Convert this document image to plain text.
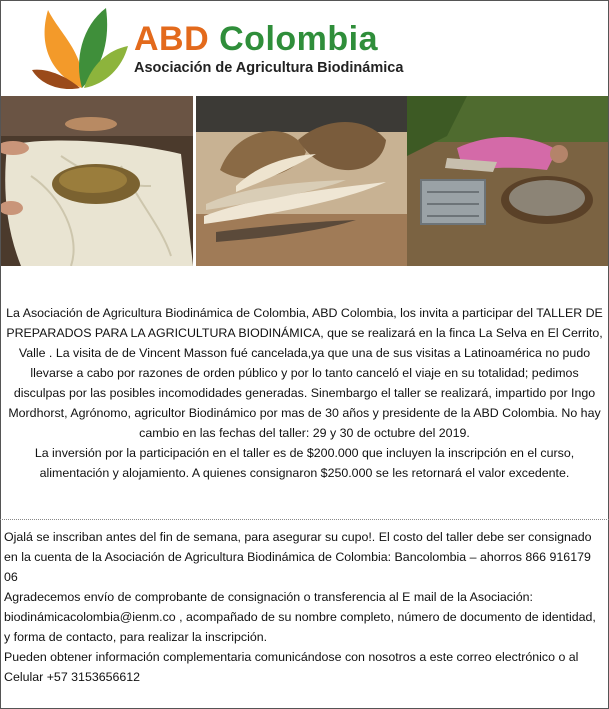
ABD Colombia
Asociación de Agricultura Biodinámica

La Asociación de Agricultura Biodinámica de Colombia, ABD Colombia, los invita a participar del TALLER DE PREPARADOS PARA LA AGRICULTURA BIODINÁMICA, que se realizará en la finca La Selva en El Cerrito, Valle . La visita de de Vincent Masson fué cancelada,ya que una de sus visitas a Latinoamérica no pudo llevarse a cabo por razones de orden público y por lo tanto canceló el viaje en su totalidad; pedimos disculpas por las posibles incomodidades generadas. Sinembargo el taller se realizará, impartido por Ingo Mordhorst, Agrónomo, agricultor Biodinámico por mas de 30 años y presidente de la ABD Colombia. No hay cambio en las fechas del taller: 29 y 30 de octubre del 2019.

La inversión por la participación en el taller es de $200.000 que incluyen la inscripción en el curso, alimentación y alojamiento. A quienes consignaron $250.000 se les retornará el valor excedente.

Ojalá se inscriban antes del fin de semana, para asegurar su cupo!. El costo del taller debe ser consignado en la cuenta de la Asociación de Agricultura Biodinámica de Colombia: Bancolombia – ahorros 866 916179 06

Agradecemos envío de comprobante de consignación o transferencia al E mail de la Asociación: biodinámicacolombia@ienm.co , acompañado de su nombre completo, número de documento de identidad, y forma de contacto, para realizar la inscripción.

Pueden obtener información complementaria comunicándose con nosotros a este correo electrónico o al Celular +57 3153656612
